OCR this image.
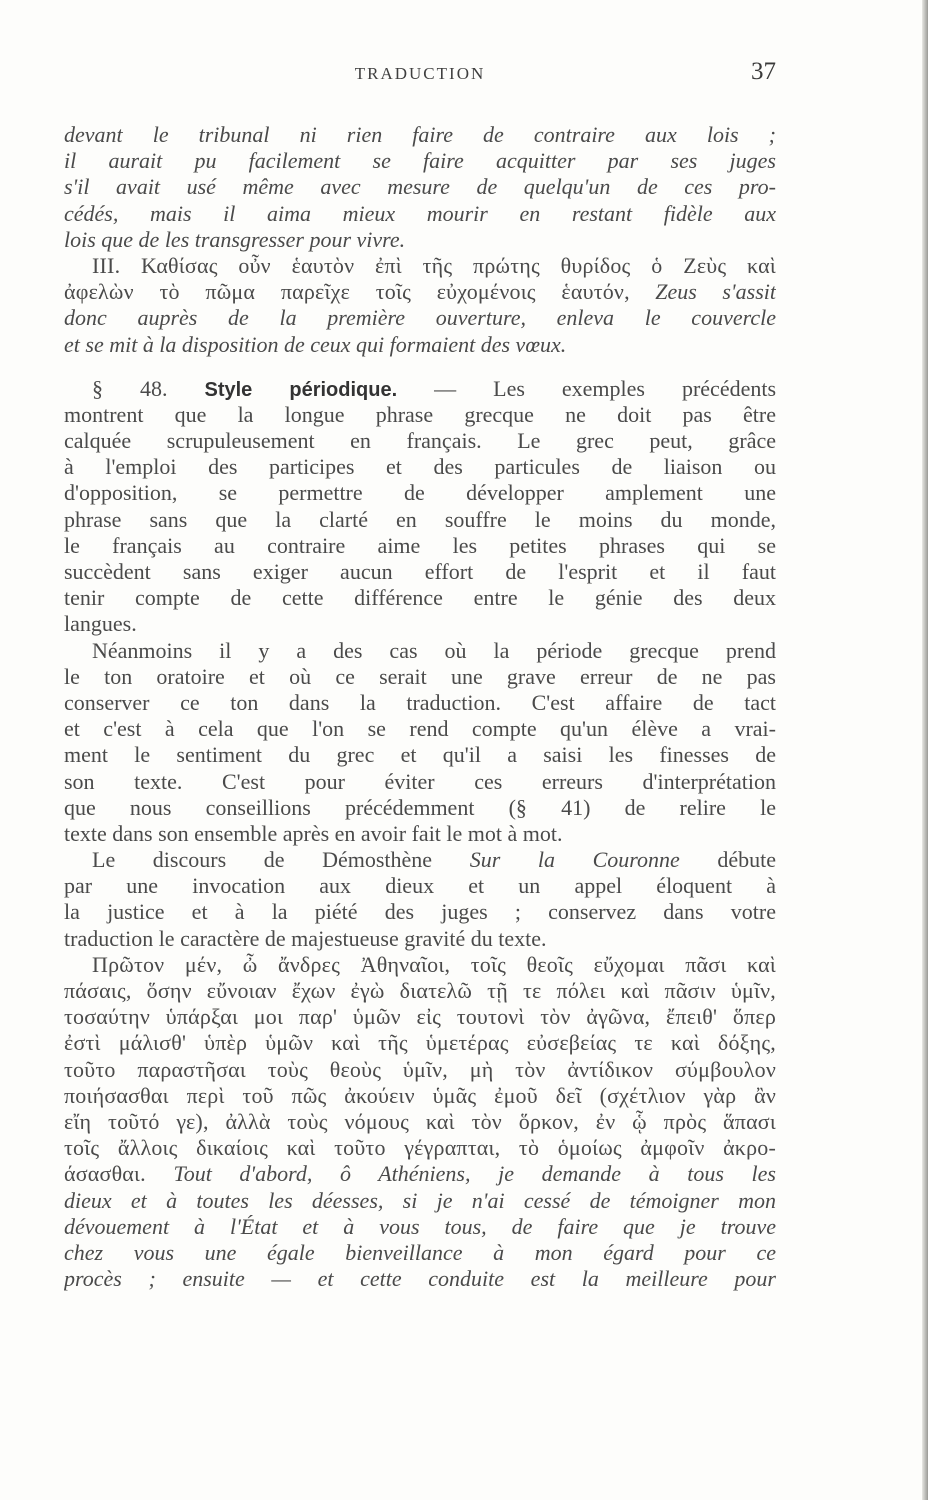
TRADUCTION	37
devant le tribunal ni rien faire de contraire aux lois ;
il aurait pu facilement se faire acquitter par ses juges
s'il avait usé même avec mesure de quelqu'un de ces pro-
cédés, mais il aima mieux mourir en restant fidèle aux
lois que de les transgresser pour vivre.
III. Καθίσας οὖν ἑαυτὸν ἐπὶ τῆς πρώτης θυρίδος ὁ Ζεὺς καὶ
ἀφελὼν τὸ πῶμα παρεῖχε τοῖς εὐχομένοις ἑαυτόν, Zeus s'assit
donc auprès de la première ouverture, enleva le couvercle
et se mit à la disposition de ceux qui formaient des vœux.
§ 48. Style périodique. — Les exemples précédents
montrent que la longue phrase grecque ne doit pas être
calquée scrupuleusement en français. Le grec peut, grâce
à l'emploi des participes et des particules de liaison ou
d'opposition, se permettre de développer amplement une
phrase sans que la clarté en souffre le moins du monde,
le français au contraire aime les petites phrases qui se
succèdent sans exiger aucun effort de l'esprit et il faut
tenir compte de cette différence entre le génie des deux
langues.
Néanmoins il y a des cas où la période grecque prend
le ton oratoire et où ce serait une grave erreur de ne pas
conserver ce ton dans la traduction. C'est affaire de tact
et c'est à cela que l'on se rend compte qu'un élève a vrai-
ment le sentiment du grec et qu'il a saisi les finesses de
son texte. C'est pour éviter ces erreurs d'interprétation
que nous conseillions précédemment (§ 41) de relire le
texte dans son ensemble après en avoir fait le mot à mot.
Le discours de Démosthène Sur la Couronne débute
par une invocation aux dieux et un appel éloquent à
la justice et à la piété des juges ; conservez dans votre
traduction le caractère de majestueuse gravité du texte.
Πρῶτον μέν, ὦ ἄνδρες Ἀθηναῖοι, τοῖς θεοῖς εὔχομαι πᾶσι καὶ
πάσαις, ὅσην εὔνοιαν ἔχων ἐγὼ διατελῶ τῇ τε πόλει καὶ πᾶσιν ὑμῖν,
τοσαύτην ὑπάρξαι μοι παρ' ὑμῶν εἰς τουτονὶ τὸν ἀγῶνα, ἔπειθ' ὅπερ
ἐστὶ μάλισθ' ὑπὲρ ὑμῶν καὶ τῆς ὑμετέρας εὐσεβείας τε καὶ δόξης,
τοῦτο παραστῆσαι τοὺς θεοὺς ὑμῖν, μὴ τὸν ἀντίδικον σύμβουλον
ποιήσασθαι περὶ τοῦ πῶς ἀκούειν ὑμᾶς ἐμοῦ δεῖ (σχέτλιον γὰρ ἂν
εἴη τοῦτό γε), ἀλλὰ τοὺς νόμους καὶ τὸν ὅρκον, ἐν ᾧ πρὸς ἅπασι
τοῖς ἄλλοις δικαίοις καὶ τοῦτο γέγραπται, τὸ ὁμοίως ἀμφοῖν ἀκρο-
άσασθαι. Tout d'abord, ô Athéniens, je demande à tous les
dieux et à toutes les déesses, si je n'ai cessé de témoigner mon
dévouement à l'État et à vous tous, de faire que je trouve
chez vous une égale bienveillance à mon égard pour ce
procès ; ensuite — et cette conduite est la meilleure pour
